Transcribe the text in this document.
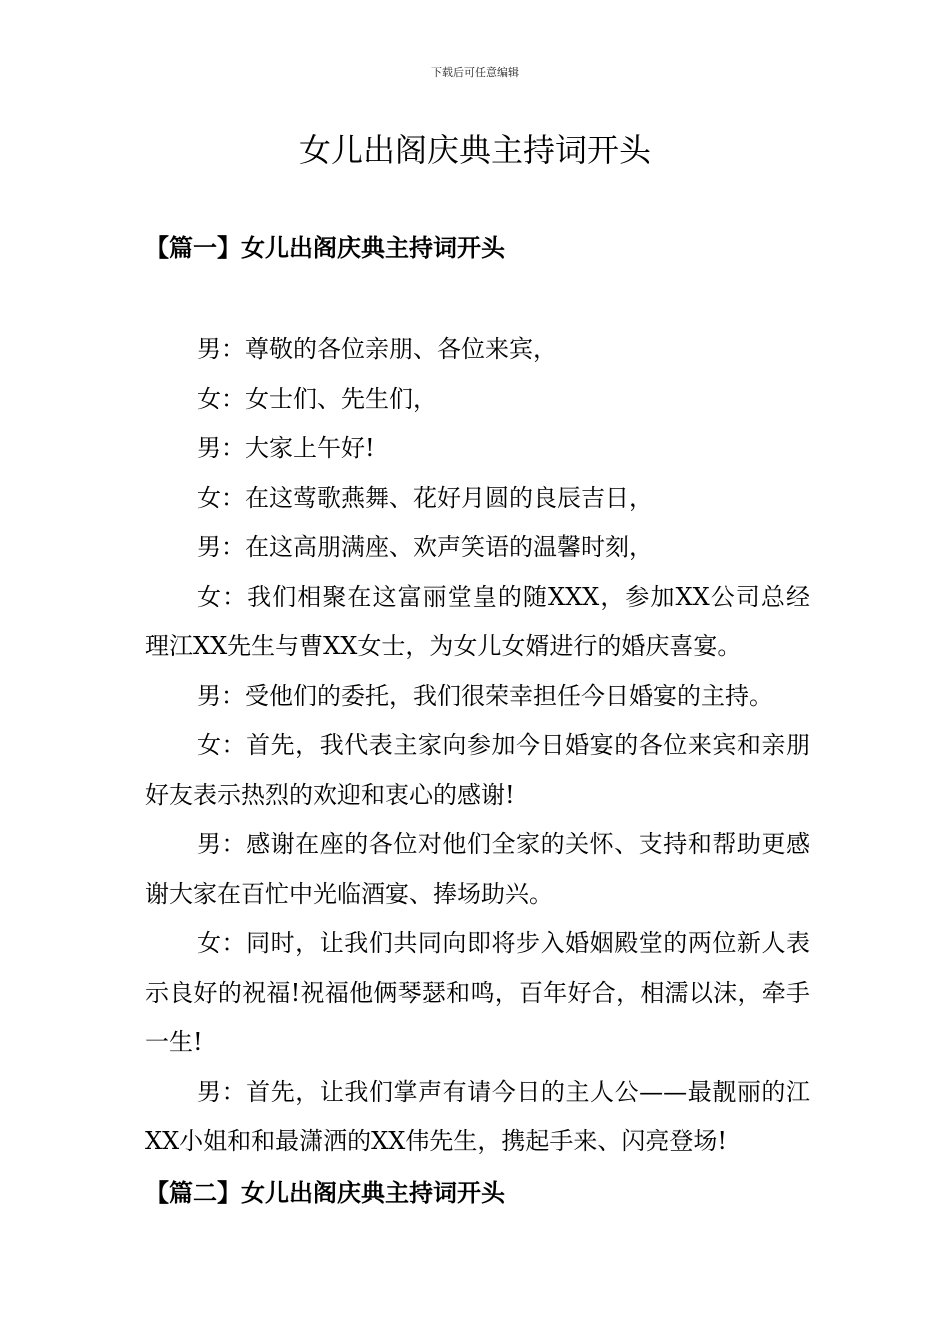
下载后可任意编辑
女儿出阁庆典主持词开头
【篇一】女儿出阁庆典主持词开头

男：尊敬的各位亲朋、各位来宾，

女：女士们、先生们，

男：大家上午好!

女：在这莺歌燕舞、花好月圆的良辰吉日，

男：在这高朋满座、欢声笑语的温馨时刻，

女：我们相聚在这富丽堂皇的随XXX，参加XX公司总经理江XX先生与曹XX女士，为女儿女婿进行的婚庆喜宴。

男：受他们的委托，我们很荣幸担任今日婚宴的主持。

女：首先，我代表主家向参加今日婚宴的各位来宾和亲朋好友表示热烈的欢迎和衷心的感谢!

男：感谢在座的各位对他们全家的关怀、支持和帮助更感谢大家在百忙中光临酒宴、捧场助兴。

女：同时，让我们共同向即将步入婚姻殿堂的两位新人表示良好的祝福!祝福他俩琴瑟和鸣，百年好合，相濡以沫，牵手一生!

男：首先，让我们掌声有请今日的主人公——最靓丽的江XX小姐和和最潇洒的XX伟先生，携起手来、闪亮登场!

【篇二】女儿出阁庆典主持词开头
